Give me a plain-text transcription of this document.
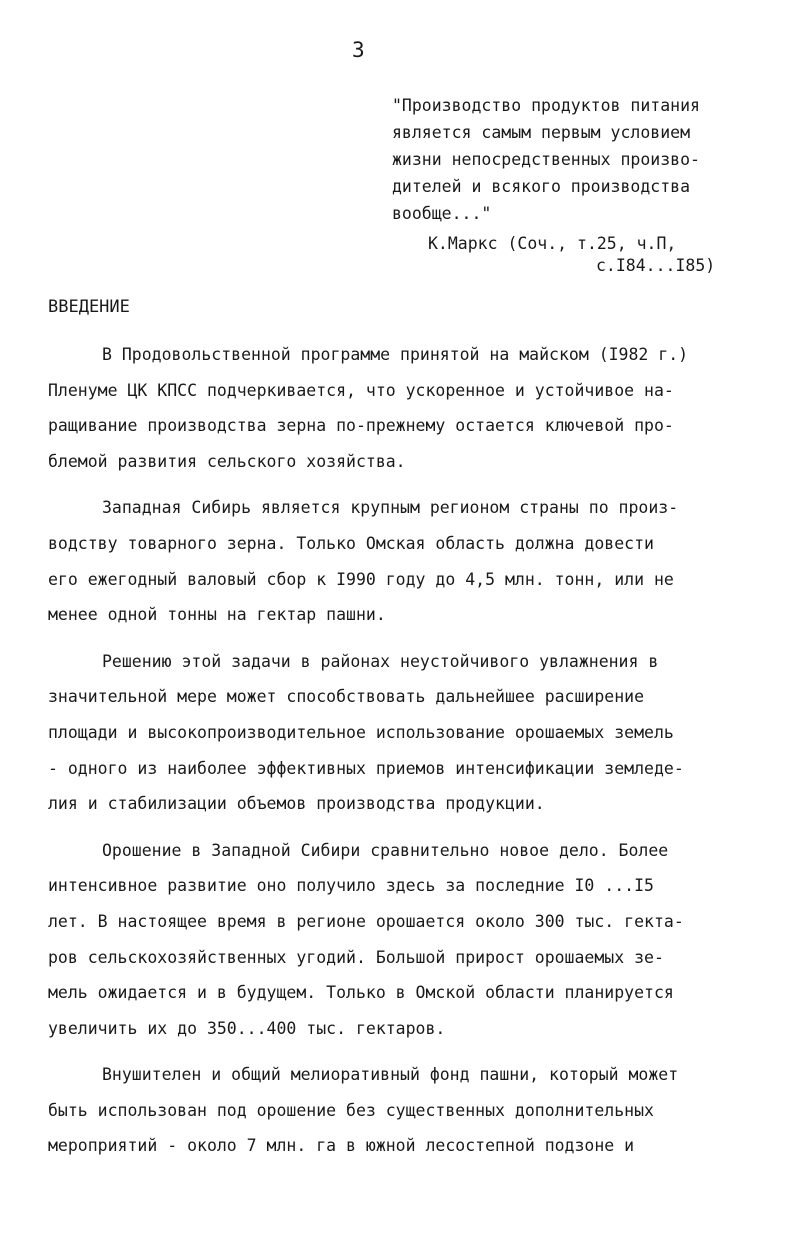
3
"Производство продуктов питания
является самым первым условием
жизни непосредственных произво-
дителей и всякого производства
вообще..."
К.Маркс (Соч., т.25, ч.П,
с.I84...I85)
ВВЕДЕНИЕ
В Продовольственной программе принятой на майском (I982 г.)
Пленуме ЦК КПСС подчеркивается, что ускоренное и устойчивое на-
ращивание производства зерна по-прежнему остается ключевой про-
блемой развития сельского хозяйства.
Западная Сибирь является крупным регионом страны по произ-
водству товарного зерна. Только Омская область должна довести
его ежегодный валовый сбор к I990 году до 4,5 млн. тонн, или не
менее одной тонны на гектар пашни.
Решению этой задачи в районах неустойчивого увлажнения в
значительной мере может способствовать дальнейшее расширение
площади и высокопроизводительное использование орошаемых земель
- одного из наиболее эффективных приемов интенсификации земледе-
лия и стабилизации объемов производства продукции.
Орошение в Западной Сибири сравнительно новое дело. Более
интенсивное развитие оно получило здесь за последние I0 ...I5
лет. В настоящее время в регионе орошается около 300 тыс. гекта-
ров сельскохозяйственных угодий. Большой прирост орошаемых зе-
мель ожидается и в будущем. Только в Омской области планируется
увеличить их до 350...400 тыс. гектаров.
Внушителен и общий мелиоративный фонд пашни, который может
быть использован под орошение без существенных дополнительных
мероприятий - около 7 млн. га в южной лесостепной подзоне и
